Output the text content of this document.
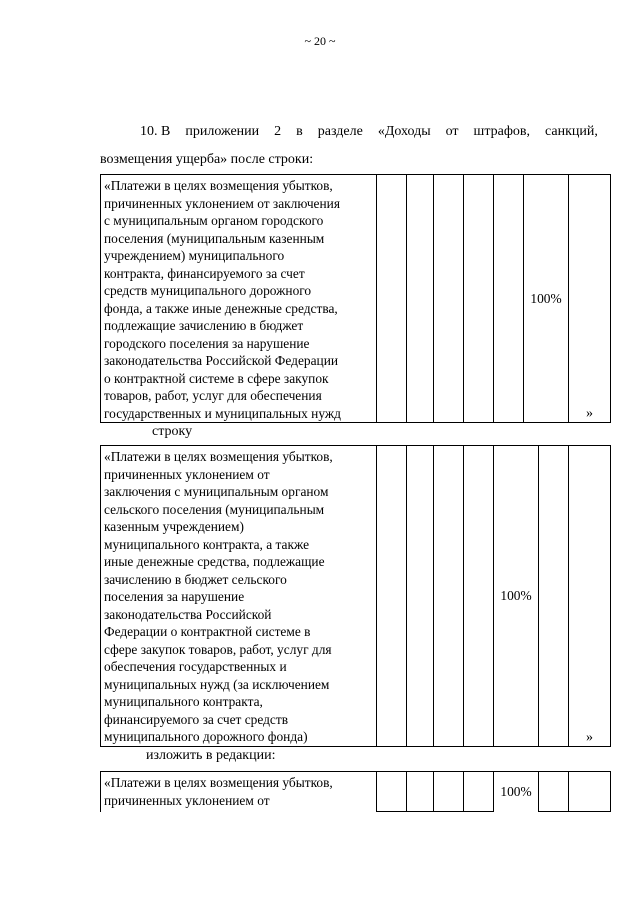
~ 20 ~
10. В приложении 2 в разделе «Доходы от штрафов, санкций,
возмещения ущерба» после строки:
«Платежи в целях возмещения убытков,
причиненных уклонением от заключения
с муниципальным органом городского
поселения (муниципальным казенным
учреждением) муниципального
контракта, финансируемого за счет
средств муниципального дорожного
фонда, а также иные денежные средства,
подлежащие зачислению в бюджет
городского поселения за нарушение
законодательства Российской Федерации
о контрактной системе в сфере закупок
товаров, работ, услуг для обеспечения
государственных и муниципальных нужд
						100%	»
строку
«Платежи в целях возмещения убытков,
причиненных уклонением от
заключения с муниципальным органом
сельского поселения (муниципальным
казенным учреждением)
муниципального контракта, а также
иные денежные средства, подлежащие
зачислению в бюджет сельского
поселения за нарушение
законодательства Российской
Федерации о контрактной системе в
сфере закупок товаров, работ, услуг для
обеспечения государственных и
муниципальных нужд (за исключением
муниципального контракта,
финансируемого за счет средств
муниципального дорожного фонда)
					100%		»
изложить в редакции:
«Платежи в целях возмещения убытков,
причиненных уклонением от
					100%		
